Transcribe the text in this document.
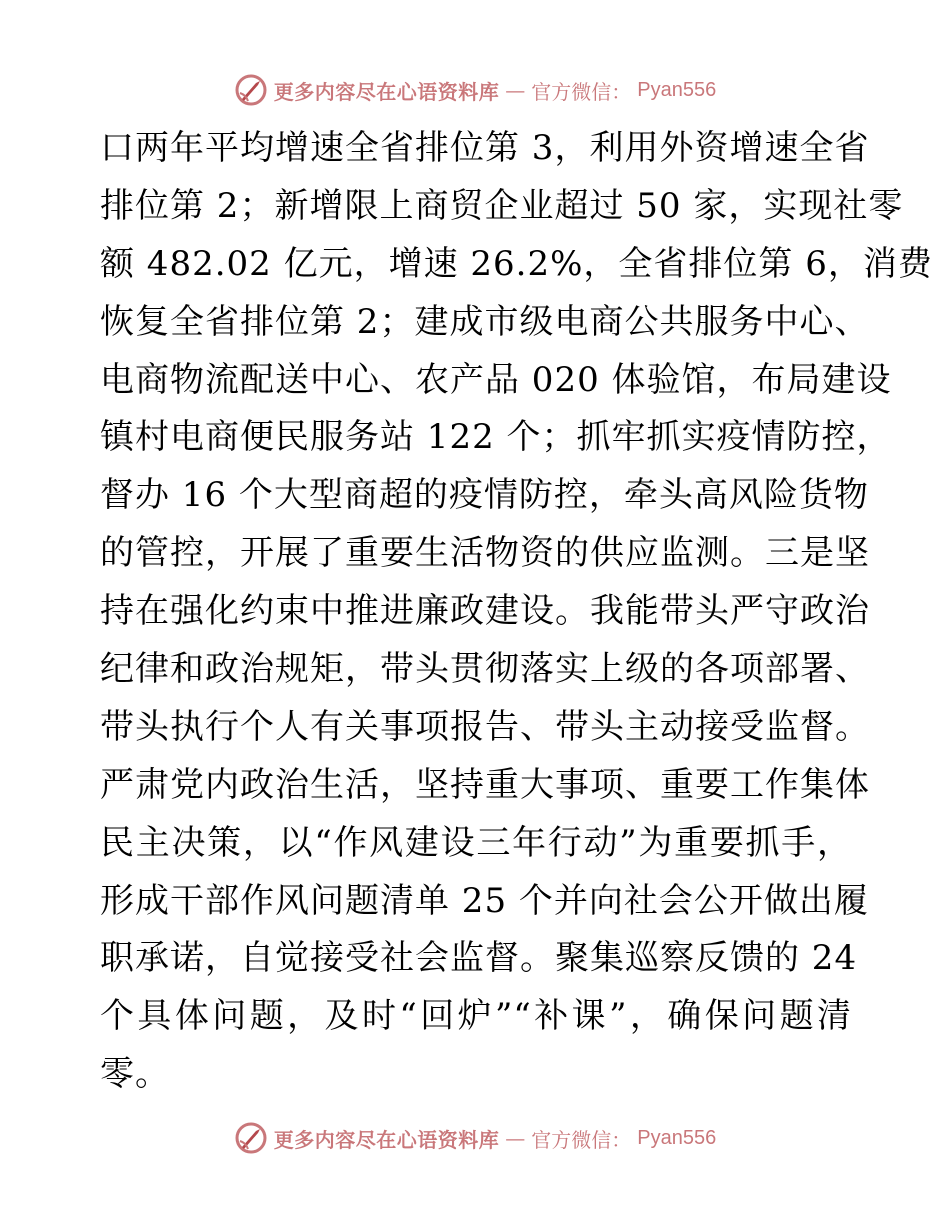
更多内容尽在心语资料库 — 官方微信： Pyan556
口两年平均增速全省排位第 3，利用外资增速全省
排位第 2；新增限上商贸企业超过 50 家，实现社零
额 482.02 亿元，增速 26.2%，全省排位第 6，消费
恢复全省排位第 2；建成市级电商公共服务中心、
电商物流配送中心、农产品 020 体验馆，布局建设
镇村电商便民服务站 122 个；抓牢抓实疫情防控，
督办 16 个大型商超的疫情防控，牵头高风险货物
的管控，开展了重要生活物资的供应监测。三是坚
持在强化约束中推进廉政建设。我能带头严守政治
纪律和政治规矩，带头贯彻落实上级的各项部署、
带头执行个人有关事项报告、带头主动接受监督。
严肃党内政治生活，坚持重大事项、重要工作集体
民主决策，以“作风建设三年行动”为重要抓手，
形成干部作风问题清单 25 个并向社会公开做出履
职承诺，自觉接受社会监督。聚集巡察反馈的 24
个具体问题，及时“回炉”“补课”，确保问题清
零。
更多内容尽在心语资料库 — 官方微信： Pyan556
